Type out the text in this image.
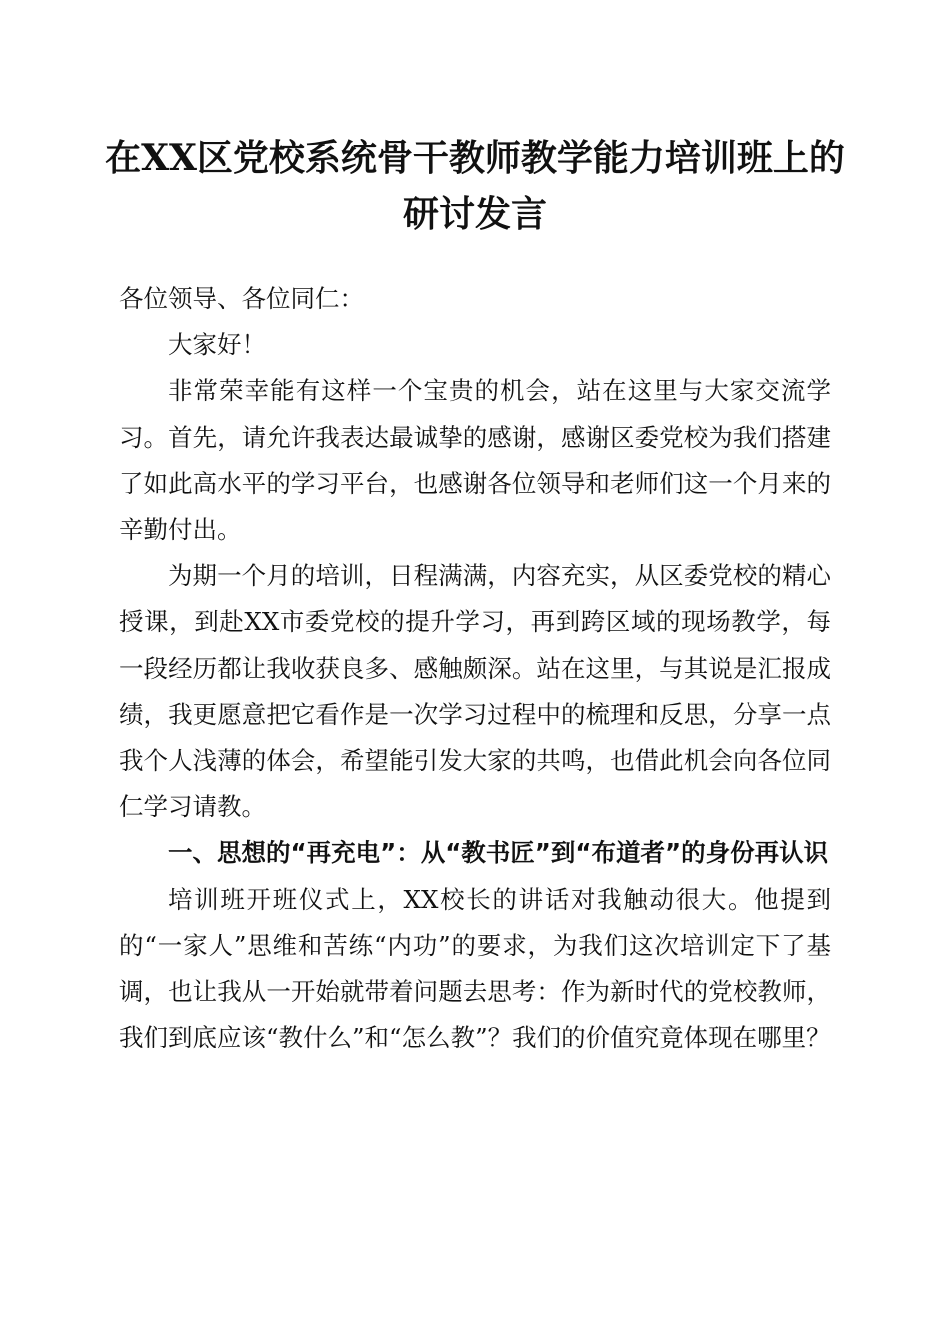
在XX区党校系统骨干教师教学能力培训班上的研讨发言

各位领导、各位同仁：

大家好！

非常荣幸能有这样一个宝贵的机会，站在这里与大家交流学习。首先，请允许我表达最诚挚的感谢，感谢区委党校为我们搭建了如此高水平的学习平台，也感谢各位领导和老师们这一个月来的辛勤付出。

为期一个月的培训，日程满满，内容充实，从区委党校的精心授课，到赴XX市委党校的提升学习，再到跨区域的现场教学，每一段经历都让我收获良多、感触颇深。站在这里，与其说是汇报成绩，我更愿意把它看作是一次学习过程中的梳理和反思，分享一点我个人浅薄的体会，希望能引发大家的共鸣，也借此机会向各位同仁学习请教。

一、思想的“再充电”：从“教书匠”到“布道者”的身份再认识

培训班开班仪式上，XX校长的讲话对我触动很大。他提到的“一家人”思维和苦练“内功”的要求，为我们这次培训定下了基调，也让我从一开始就带着问题去思考：作为新时代的党校教师，我们到底应该“教什么”和“怎么教”？我们的价值究竟体现在哪里？
